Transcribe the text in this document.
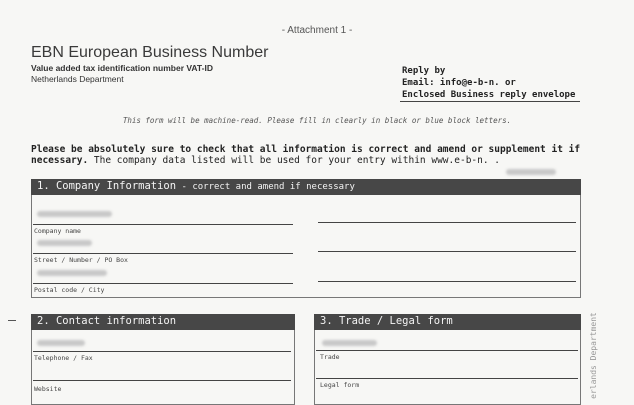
- Attachment 1 -
EBN European Business Number
Value added tax identification number VAT-ID
Netherlands Department
Reply by
Email: info@e-b-n. or
Enclosed Business reply envelope
This form will be machine-read. Please fill in clearly in black or blue block letters.
Please be absolutely sure to check that all information is correct and amend or supplement it if necessary. The company data listed will be used for your entry within www.e-b-n. .
1. Company Information - correct and amend if necessary
Company name
Street / Number / PO Box
Postal code / City
2. Contact information
Telephone / Fax
Website
3. Trade / Legal form
Trade
Legal form	erlands Department
